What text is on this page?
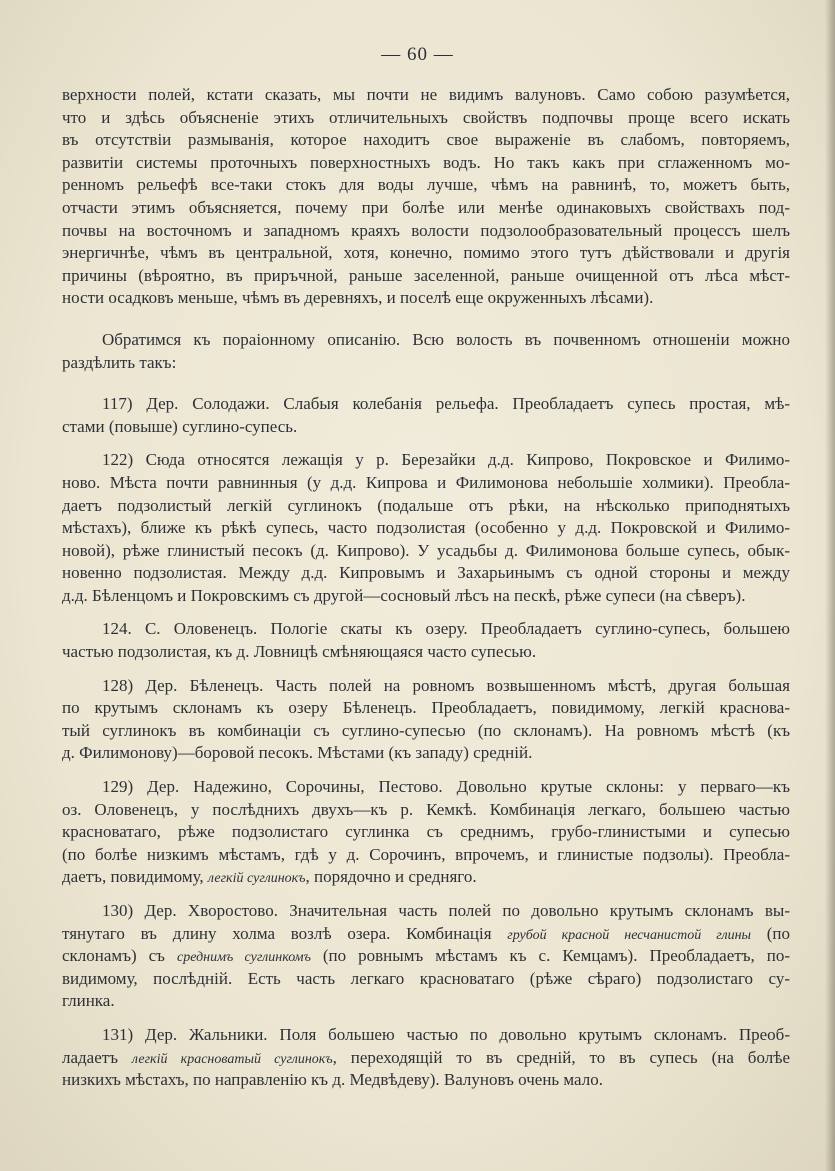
— 60 —
верхности полей, кстати сказать, мы почти не видимъ валуновъ. Само собою разумѣется,
что и здѣсь объясненіе этихъ отличительныхъ свойствъ подпочвы проще всего искать
въ отсутствіи размыванія, которое находитъ свое выраженіе въ слабомъ, повторяемъ,
развитіи системы проточныхъ поверхностныхъ водъ. Но такъ какъ при сглаженномъ мо-
ренномъ рельефѣ все-таки стокъ для воды лучше, чѣмъ на равнинѣ, то, можетъ быть,
отчасти этимъ объясняется, почему при болѣе или менѣе одинаковыхъ свойствахъ под-
почвы на восточномъ и западномъ краяхъ волости подзолообразовательный процессъ шелъ
энергичнѣе, чѣмъ въ центральной, хотя, конечно, помимо этого тутъ дѣйствовали и другія
причины (вѣроятно, въ приръчной, раньше заселенной, раньше очищенной отъ лѣса мѣст-
ности осадковъ меньше, чѣмъ въ деревняхъ, и поселѣ еще окруженныхъ лѣсами).
Обратимся къ пораіонному описанію. Всю волость въ почвенномъ отношеніи можно
раздѣлить такъ:
117) Дер. Солодажи. Слабыя колебанія рельефа. Преобладаетъ супесь простая, мѣ-
стами (повыше) суглино-супесь.
122) Сюда относятся лежащія у р. Березайки д.д. Кипрово, Покровское и Филимо-
ново. Мѣста почти равнинныя (у д.д. Кипрова и Филимонова небольшіе холмики). Преобла-
даетъ подзолистый легкій суглинокъ (подальше отъ рѣки, на нѣсколько приподнятыхъ
мѣстахъ), ближе къ рѣкѣ супесь, часто подзолистая (особенно у д.д. Покровской и Филимо-
новой), рѣже глинистый песокъ (д. Кипрово). У усадьбы д. Филимонова больше супесь, обык-
новенно подзолистая. Между д.д. Кипровымъ и Захарьинымъ съ одной стороны и между
д.д. Бѣленцомъ и Покровскимъ съ другой—сосновый лѣсъ на пескѣ, рѣже супеси (на сѣверъ).
124. С. Оловенецъ. Пологіе скаты къ озеру. Преобладаетъ суглино-супесь, большею
частью подзолистая, къ д. Ловницѣ смѣняющаяся часто супесью.
128) Дер. Бѣленецъ. Часть полей на ровномъ возвышенномъ мѣстѣ, другая большая
по крутымъ склонамъ къ озеру Бѣленецъ. Преобладаетъ, повидимому, легкій краснова-
тый суглинокъ въ комбинаціи съ суглино-супесью (по склонамъ). На ровномъ мѣстѣ (къ
д. Филимонову)—боровой песокъ. Мѣстами (къ западу) средній.
129) Дер. Надежино, Сорочины, Пестово. Довольно крутые склоны: у перваго—къ
оз. Оловенецъ, у послѣднихъ двухъ—къ р. Кемкѣ. Комбинація легкаго, большею частью
красноватаго, рѣже подзолистаго суглинка съ среднимъ, грубо-глинистыми и супесью
(по болѣе низкимъ мѣстамъ, гдѣ у д. Сорочинъ, впрочемъ, и глинистые подзолы). Преобла-
даетъ, повидимому, легкій суглинокъ, порядочно и средняго.
130) Дер. Хворостово. Значительная часть полей по довольно крутымъ склонамъ вы-
тянутаго въ длину холма возлѣ озера. Комбинація грубой красной несчанистой глины (по
склонамъ) съ среднимъ суглинкомъ (по ровнымъ мѣстамъ къ с. Кемцамъ). Преобладаетъ, по-
видимому, послѣдній. Есть часть легкаго красноватаго (рѣже сѣраго) подзолистаго су-
глинка.
131) Дер. Жальники. Поля большею частью по довольно крутымъ склонамъ. Преоб-
ладаетъ легкій красноватый суглинокъ, переходящій то въ средній, то въ супесь (на болѣе
низкихъ мѣстахъ, по направленію къ д. Медвѣдеву). Валуновъ очень мало.
